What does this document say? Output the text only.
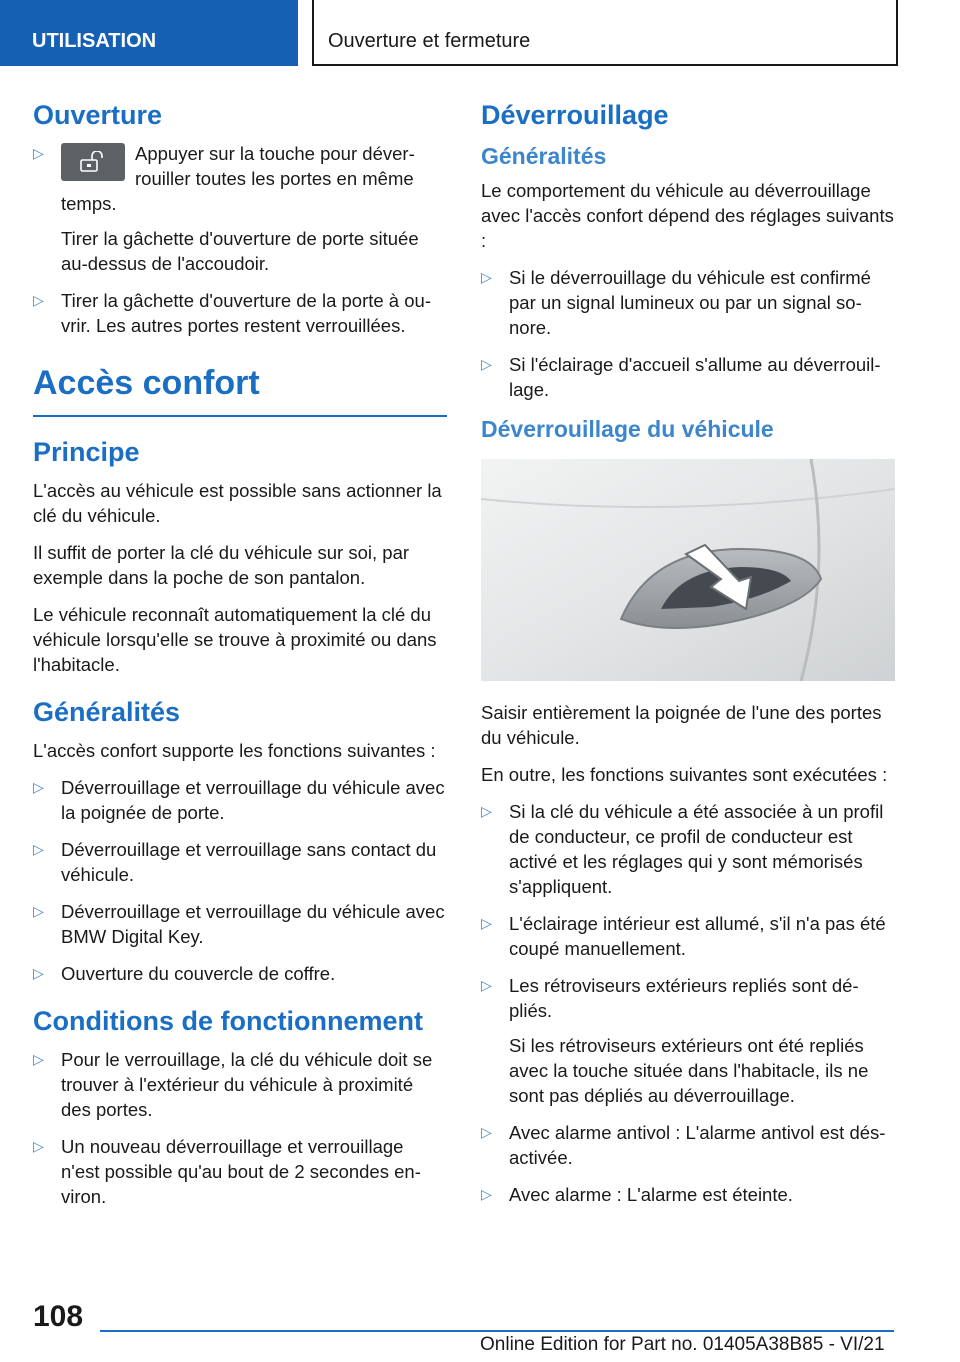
UTILISATION	Ouverture et fermeture
Ouverture
▷	Appuyer sur la touche pour déverrouiller toutes les portes en même temps.
Tirer la gâchette d'ouverture de porte située au-dessus de l'accoudoir.
▷ Tirer la gâchette d'ouverture de la porte à ouvrir. Les autres portes restent verrouillées.
Accès confort
Principe

L'accès au véhicule est possible sans actionner la clé du véhicule.

Il suffit de porter la clé du véhicule sur soi, par exemple dans la poche de son pantalon.

Le véhicule reconnaît automatiquement la clé du véhicule lorsqu'elle se trouve à proximité ou dans l'habitacle.

Généralités

L'accès confort supporte les fonctions suivantes :

▷ Déverrouillage et verrouillage du véhicule avec la poignée de porte.
▷ Déverrouillage et verrouillage sans contact du véhicule.
▷ Déverrouillage et verrouillage du véhicule avec BMW Digital Key.
▷ Ouverture du couvercle de coffre.
Conditions de fonctionnement
▷ Pour le verrouillage, la clé du véhicule doit se trouver à l'extérieur du véhicule à proximité des portes.
▷ Un nouveau déverrouillage et verrouillage n'est possible qu'au bout de 2 secondes environ.
Déverrouillage
Généralités

Le comportement du véhicule au déverrouillage avec l'accès confort dépend des réglages suivants :

▷ Si le déverrouillage du véhicule est confirmé par un signal lumineux ou par un signal sonore.
▷ Si l'éclairage d'accueil s'allume au déverrouillage.
Déverrouillage du véhicule

Saisir entièrement la poignée de l'une des portes du véhicule.

En outre, les fonctions suivantes sont exécutées :

▷ Si la clé du véhicule a été associée à un profil de conducteur, ce profil de conducteur est activé et les réglages qui y sont mémorisés s'appliquent.
▷ L'éclairage intérieur est allumé, s'il n'a pas été coupé manuellement.
▷ Les rétroviseurs extérieurs repliés sont dépliés.
Si les rétroviseurs extérieurs ont été repliés avec la touche située dans l'habitacle, ils ne sont pas dépliés au déverrouillage.
▷ Avec alarme antivol : L'alarme antivol est désactivée.
▷ Avec alarme : L'alarme est éteinte.
108
Online Edition for Part no. 01405A38B85 - VI/21
